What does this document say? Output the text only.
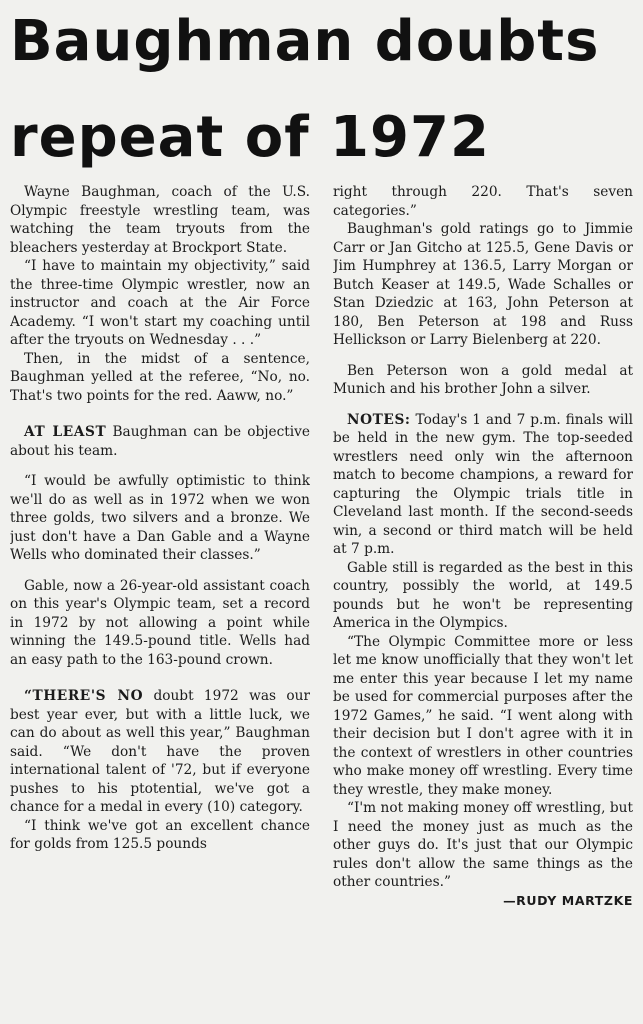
Baughman doubts
repeat of 1972

Wayne Baughman, coach of the U.S. Olympic freestyle wrestling team, was watching the team tryouts from the bleachers yesterday at Brockport State.

“I have to maintain my objectivity,” said the three-time Olympic wrestler, now an instructor and coach at the Air Force Academy. “I won't start my coaching until after the tryouts on Wednesday . . .”

Then, in the midst of a sentence, Baughman yelled at the referee, “No, no. That's two points for the red. Aaww, no.”

AT LEAST Baughman can be objective about his team.

“I would be awfully optimistic to think we'll do as well as in 1972 when we won three golds, two silvers and a bronze. We just don't have a Dan Gable and a Wayne Wells who dominated their classes.”

Gable, now a 26-year-old assistant coach on this year's Olympic team, set a record in 1972 by not allowing a point while winning the 149.5-pound title. Wells had an easy path to the 163-pound crown.

“THERE'S NO doubt 1972 was our best year ever, but with a little luck, we can do about as well this year,” Baughman said. “We don't have the proven international talent of '72, but if everyone pushes to his ptotential, we've got a chance for a medal in every (10) category.

“I think we've got an excellent chance for golds from 125.5 pounds

right through 220. That's seven categories.”

Baughman's gold ratings go to Jimmie Carr or Jan Gitcho at 125.5, Gene Davis or Jim Humphrey at 136.5, Larry Morgan or Butch Keaser at 149.5, Wade Schalles or Stan Dziedzic at 163, John Peterson at 180, Ben Peterson at 198 and Russ Hellickson or Larry Bielenberg at 220.

Ben Peterson won a gold medal at Munich and his brother John a silver.

NOTES: Today's 1 and 7 p.m. finals will be held in the new gym. The top-seeded wrestlers need only win the afternoon match to become champions, a reward for capturing the Olympic trials title in Cleveland last month. If the second-seeds win, a second or third match will be held at 7 p.m.

Gable still is regarded as the best in this country, possibly the world, at 149.5 pounds but he won't be representing America in the Olympics.

“The Olympic Committee more or less let me know unofficially that they won't let me enter this year because I let my name be used for commercial purposes after the 1972 Games,” he said. “I went along with their decision but I don't agree with it in the context of wrestlers in other countries who make money off wrestling. Every time they wrestle, they make money.

“I'm not making money off wrestling, but I need the money just as much as the other guys do. It's just that our Olympic rules don't allow the same things as the other countries.”

—RUDY MARTZKE
